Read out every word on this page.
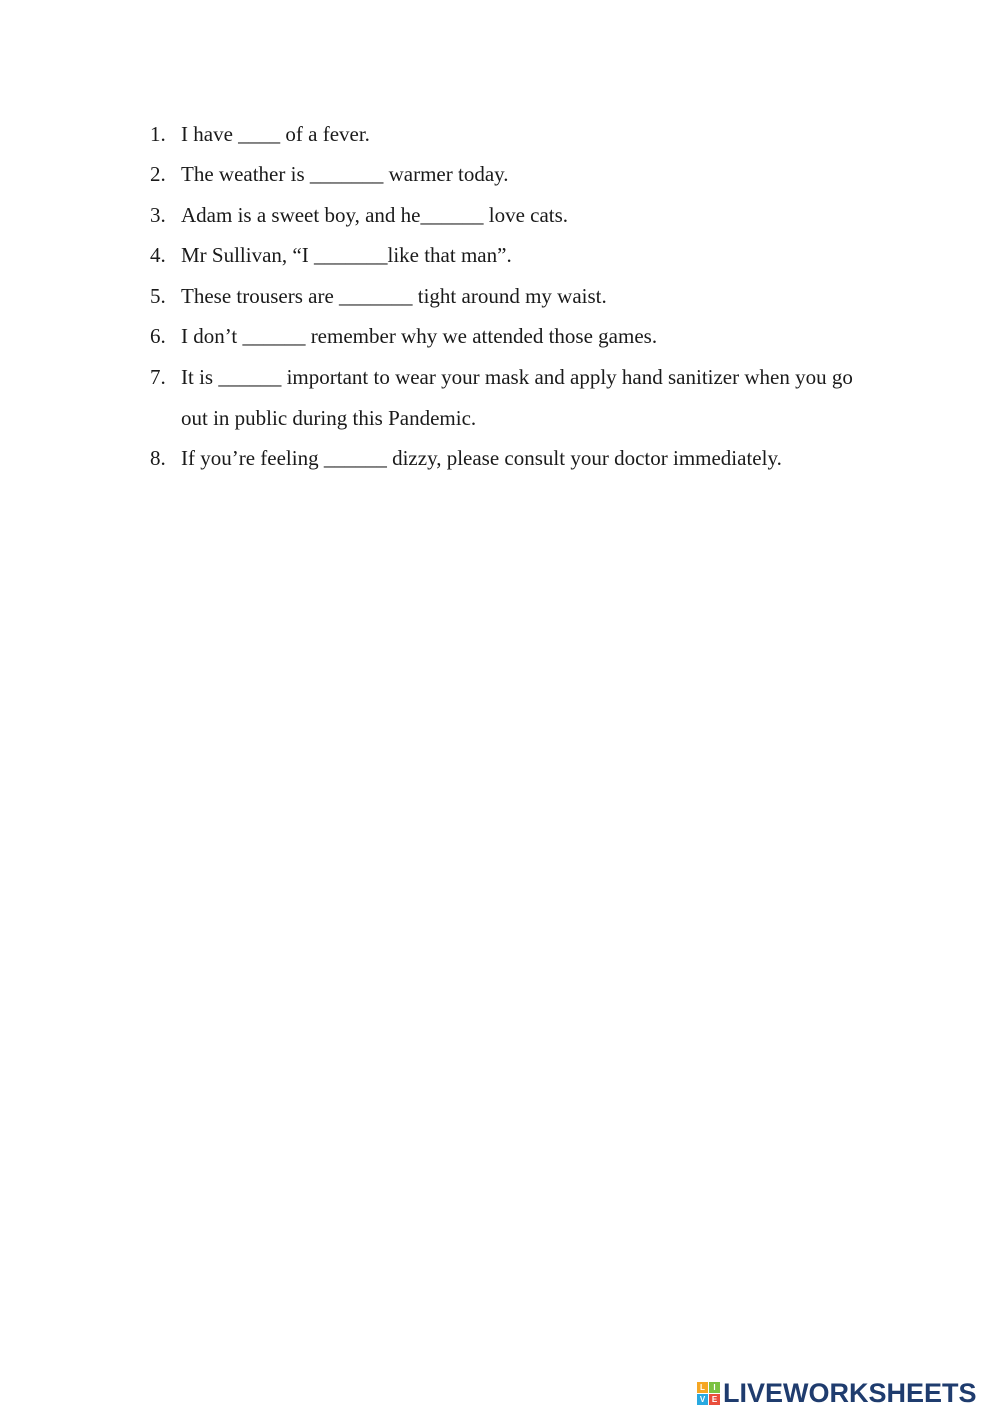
1. I have ____ of a fever.
2. The weather is _______ warmer today.
3. Adam is a sweet boy, and he______ love cats.
4. Mr Sullivan, “I _______like that man”.
5. These trousers are _______ tight around my waist.
6. I don’t ______ remember why we attended those games.
7. It is ______ important to wear your mask and apply hand sanitizer when you go out in public during this Pandemic.
8. If you’re feeling ______ dizzy, please consult your doctor immediately.
L	I
V E LIVEWORKSHEETS
